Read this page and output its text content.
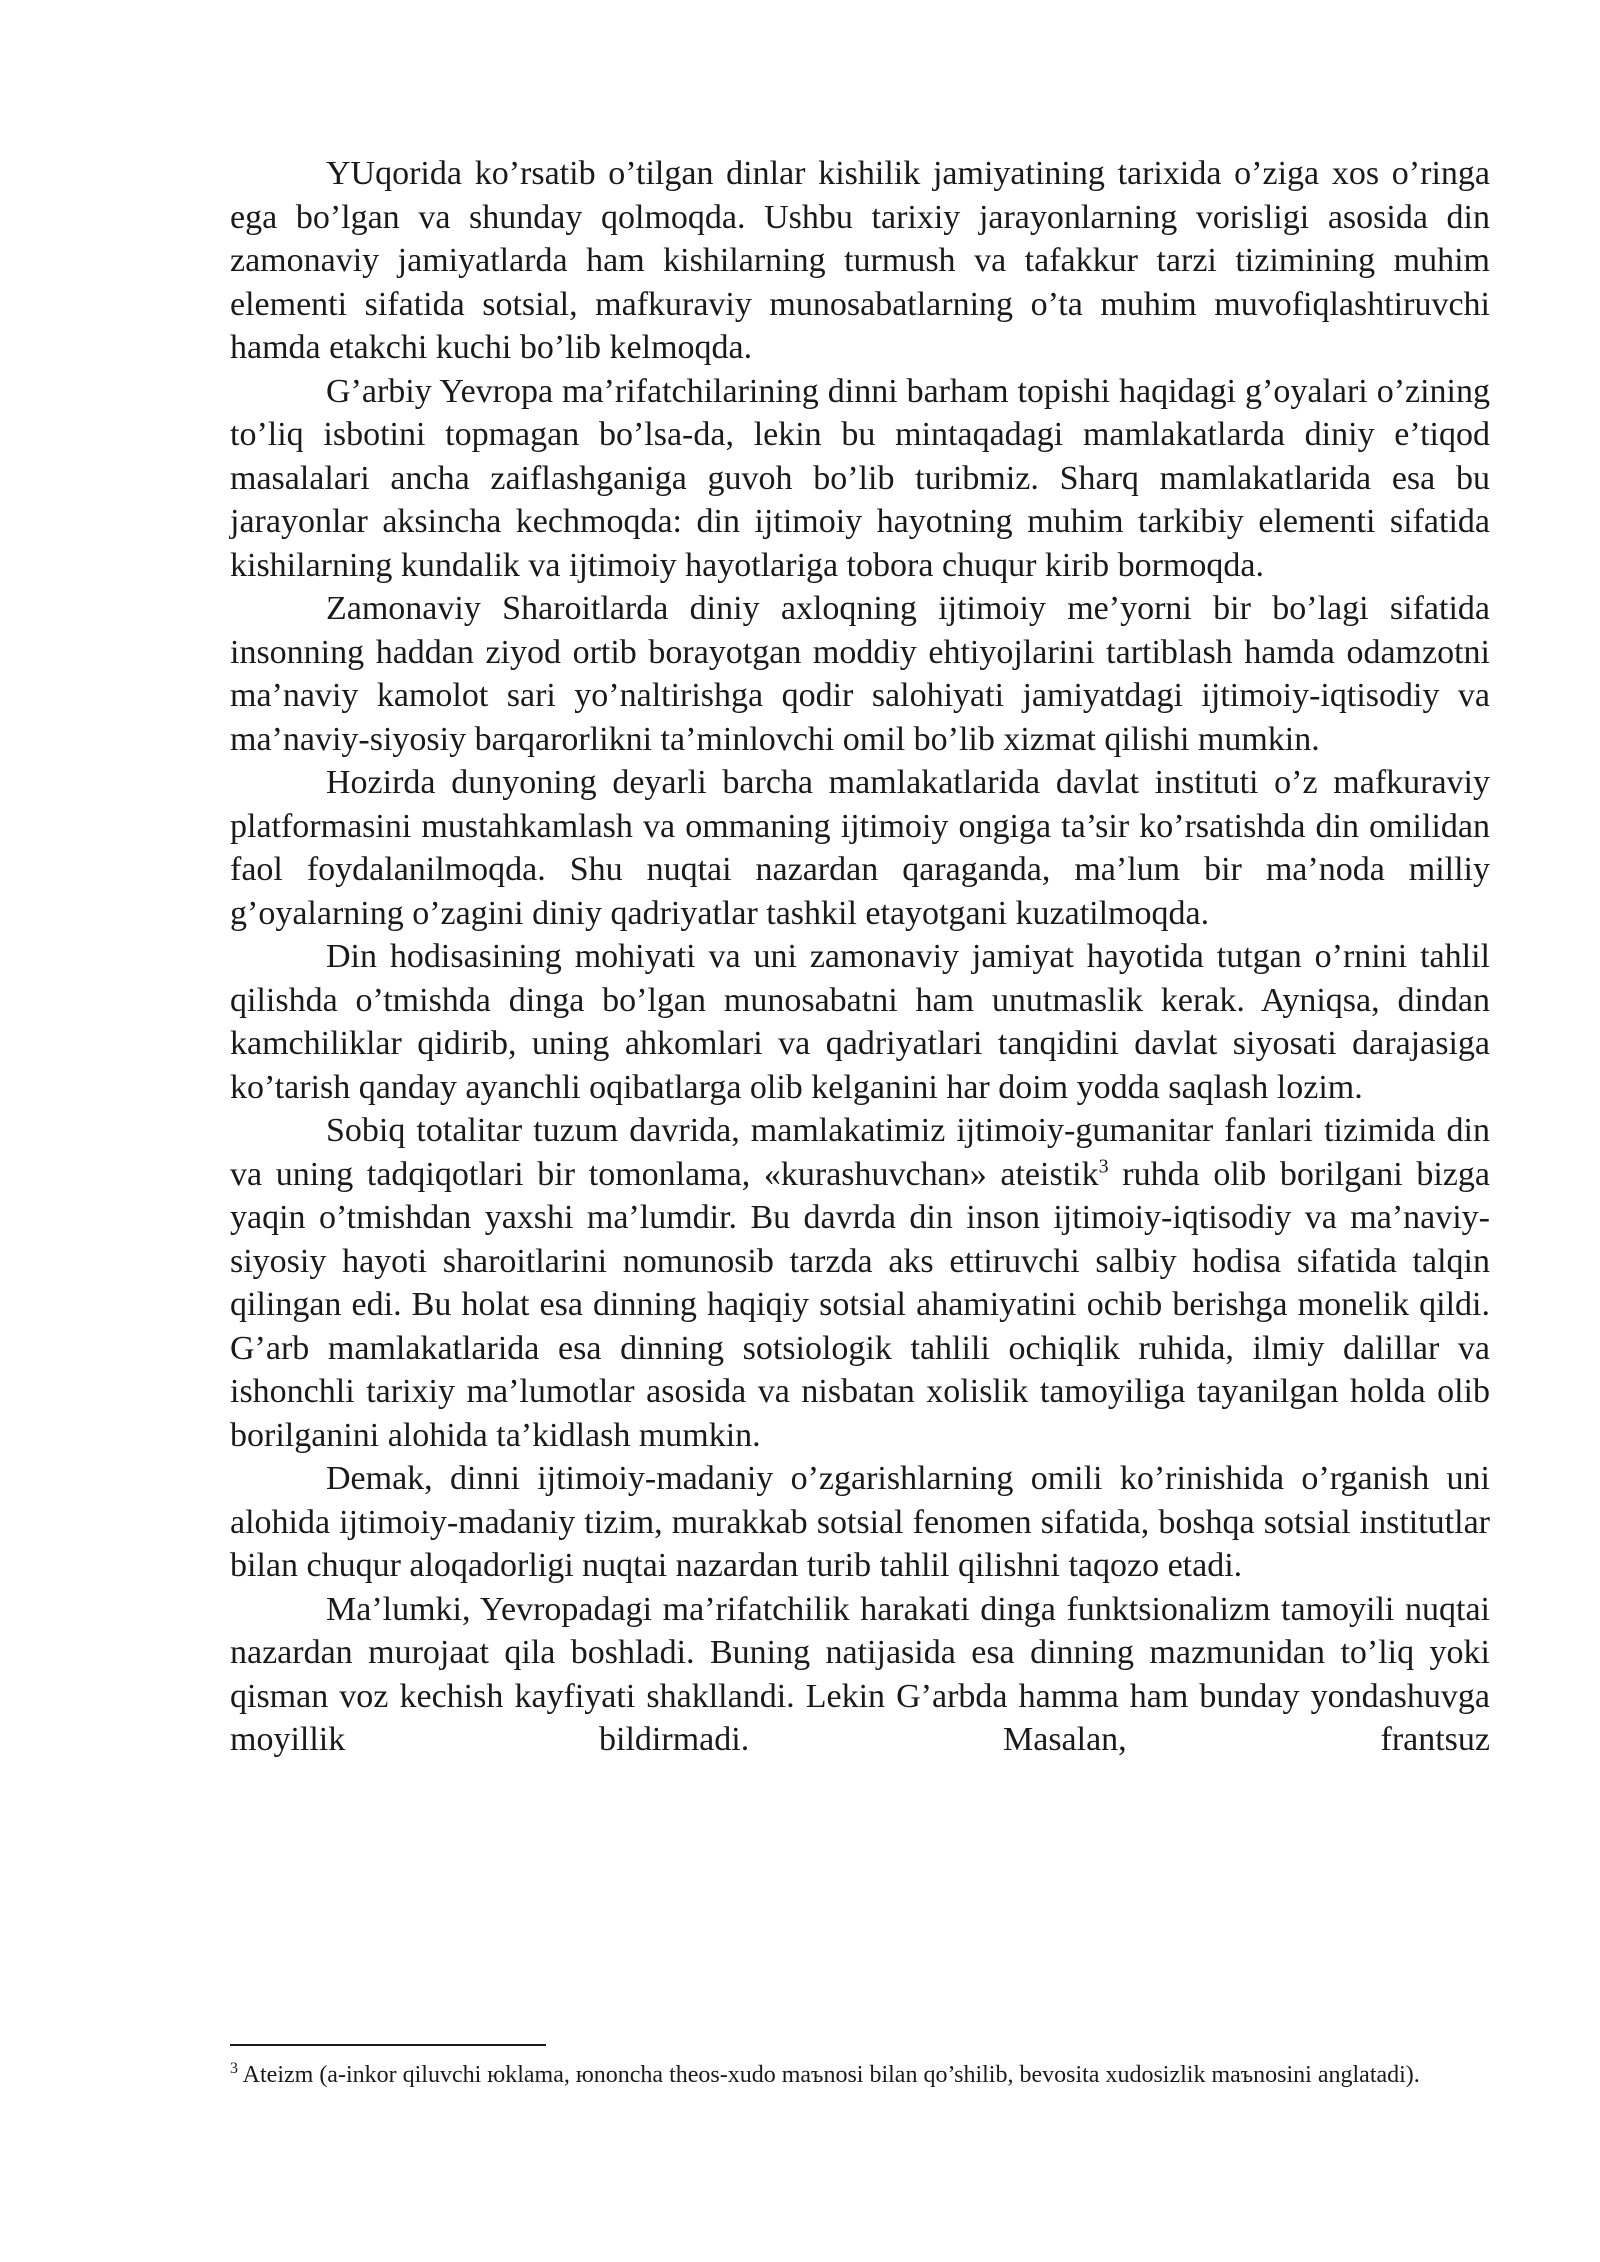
YUqorida ko’rsatib o’tilgan dinlar kishilik jamiyatining tarixida o’ziga xos o’ringa ega bo’lgan va shunday qolmoqda. Ushbu tarixiy jarayonlarning vorisligi asosida din zamonaviy jamiyatlarda ham kishilarning turmush va tafakkur tarzi tizimining muhim elementi sifatida sotsial, mafkuraviy munosabatlarning o’ta muhim muvofiqlashtiruvchi hamda etakchi kuchi bo’lib kelmoqda.

G’arbiy Yevropa ma’rifatchilarining dinni barham topishi haqidagi g’oyalari o’zining to’liq isbotini topmagan bo’lsa-da, lekin bu mintaqadagi mamlakatlarda diniy e’tiqod masalalari ancha zaiflashganiga guvoh bo’lib turibmiz. Sharq mamlakatlarida esa bu jarayonlar aksincha kechmoqda: din ijtimoiy hayotning muhim tarkibiy elementi sifatida kishilarning kundalik va ijtimoiy hayotlariga tobora chuqur kirib bormoqda.

Zamonaviy Sharoitlarda diniy axloqning ijtimoiy me’yorni bir bo’lagi sifatida insonning haddan ziyod ortib borayotgan moddiy ehtiyojlarini tartiblash hamda odamzotni ma’naviy kamolot sari yo’naltirishga qodir salohiyati jamiyatdagi ijtimoiy-iqtisodiy va ma’naviy-siyosiy barqarorlikni ta’minlovchi omil bo’lib xizmat qilishi mumkin.

Hozirda dunyoning deyarli barcha mamlakatlarida davlat instituti o’z mafkuraviy platformasini mustahkamlash va ommaning ijtimoiy ongiga ta’sir ko’rsatishda din omilidan faol foydalanilmoqda. Shu nuqtai nazardan qaraganda, ma’lum bir ma’noda milliy g’oyalarning o’zagini diniy qadriyatlar tashkil etayotgani kuzatilmoqda.

Din hodisasining mohiyati va uni zamonaviy jamiyat hayotida tutgan o’rnini tahlil qilishda o’tmishda dinga bo’lgan munosabatni ham unutmaslik kerak. Ayniqsa, dindan kamchiliklar qidirib, uning ahkomlari va qadriyatlari tanqidini davlat siyosati darajasiga ko’tarish qanday ayanchli oqibatlarga olib kelganini har doim yodda saqlash lozim.

Sobiq totalitar tuzum davrida, mamlakatimiz ijtimoiy-gumanitar fanlari tizimida din va uning tadqiqotlari bir tomonlama, «kurashuvchan» ateistik$^3$ ruhda olib borilgani bizga yaqin o’tmishdan yaxshi ma’lumdir. Bu davrda din inson ijtimoiy-iqtisodiy va ma’naviy-siyosiy hayoti sharoitlarini nomunosib tarzda aks ettiruvchi salbiy hodisa sifatida talqin qilingan edi. Bu holat esa dinning haqiqiy sotsial ahamiyatini ochib berishga monelik qildi. G’arb mamlakatlarida esa dinning sotsiologik tahlili ochiqlik ruhida, ilmiy dalillar va ishonchli tarixiy ma’lumotlar asosida va nisbatan xolislik tamoyiliga tayanilgan holda olib borilganini alohida ta’kidlash mumkin.

Demak, dinni ijtimoiy-madaniy o’zgarishlarning omili ko’rinishida o’rganish uni alohida ijtimoiy-madaniy tizim, murakkab sotsial fenomen sifatida, boshqa sotsial institutlar bilan chuqur aloqadorligi nuqtai nazardan turib tahlil qilishni taqozo etadi.

Ma’lumki, Yevropadagi ma’rifatchilik harakati dinga funktsionalizm tamoyili nuqtai nazardan murojaat qila boshladi. Buning natijasida esa dinning mazmunidan to’liq yoki qisman voz kechish kayfiyati shakllandi. Lekin G’arbda hamma ham bunday yondashuvga moyillik bildirmadi. Masalan, frantsuz

$^3$ Ateizm (a-inkor qiluvchi юklama, юnoncha theos-xudo maъnosi bilan qo’shilib, bevosita xudosizlik maъnosini anglatadi).
